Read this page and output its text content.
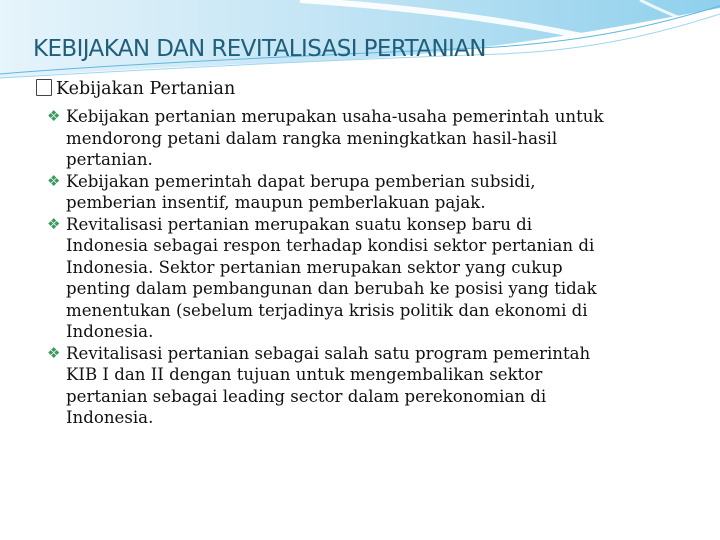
KEBIJAKAN DAN REVITALISASI PERTANIAN
Kebijakan Pertanian
❖ Kebijakan pertanian merupakan usaha-usaha pemerintah untuk
mendorong petani dalam rangka meningkatkan hasil-hasil
pertanian.
❖ Kebijakan pemerintah dapat berupa pemberian subsidi,
pemberian insentif, maupun pemberlakuan pajak.
❖ Revitalisasi pertanian merupakan suatu konsep baru di
Indonesia sebagai respon terhadap kondisi sektor pertanian di
Indonesia. Sektor pertanian merupakan sektor yang cukup
penting dalam pembangunan dan berubah ke posisi yang tidak
menentukan (sebelum terjadinya krisis politik dan ekonomi di
Indonesia.
❖ Revitalisasi pertanian sebagai salah satu program pemerintah
KIB I dan II dengan tujuan untuk mengembalikan sektor
pertanian sebagai leading sector dalam perekonomian di
Indonesia.
